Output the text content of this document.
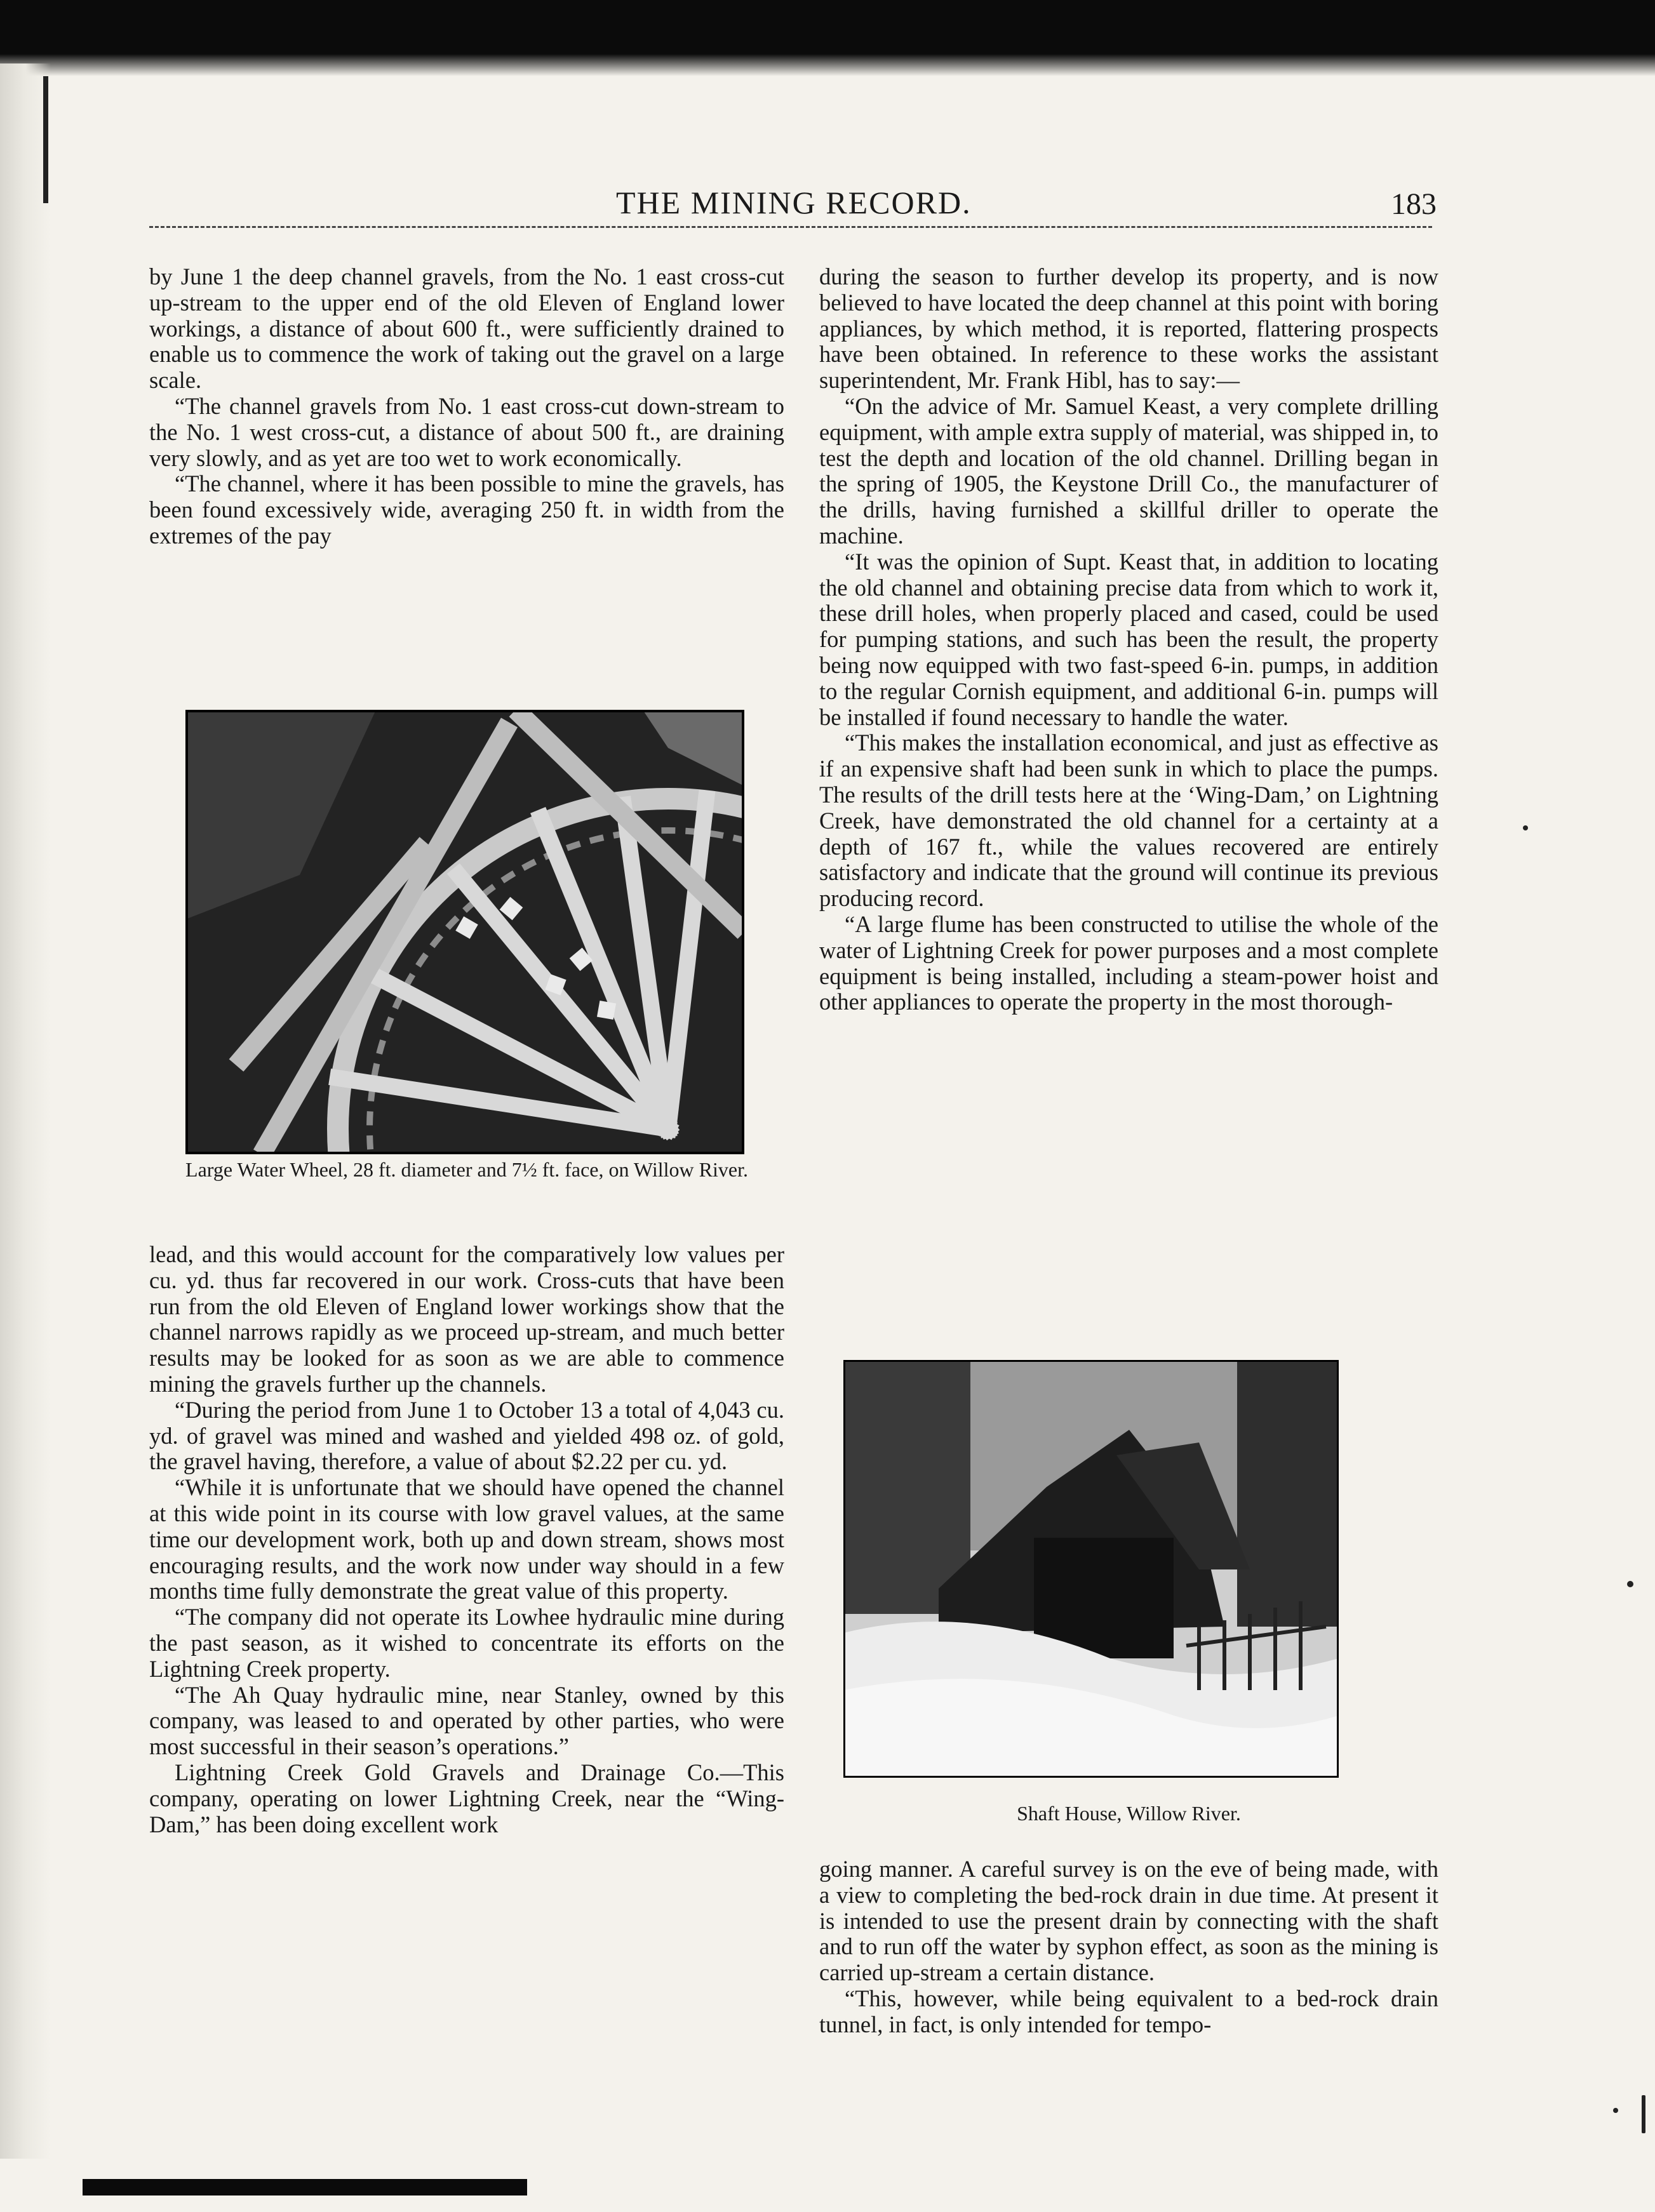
THE MINING RECORD.	183

by June 1 the deep channel gravels, from the No. 1 east cross-cut up-stream to the upper end of the old Eleven of England lower workings, a distance of about 600 ft., were sufficiently drained to enable us to commence the work of taking out the gravel on a large scale.

“The channel gravels from No. 1 east cross-cut down-stream to the No. 1 west cross-cut, a distance of about 500 ft., are draining very slowly, and as yet are too wet to work economically.

“The channel, where it has been possible to mine the gravels, has been found excessively wide, averaging 250 ft. in width from the extremes of the pay

Large Water Wheel, 28 ft. diameter and 7½ ft. face, on Willow River.

lead, and this would account for the comparatively low values per cu. yd. thus far recovered in our work. Cross-cuts that have been run from the old Eleven of England lower workings show that the channel narrows rapidly as we proceed up-stream, and much better results may be looked for as soon as we are able to commence mining the gravels further up the channels.

“During the period from June 1 to October 13 a total of 4,043 cu. yd. of gravel was mined and washed and yielded 498 oz. of gold, the gravel having, therefore, a value of about $2.22 per cu. yd.

“While it is unfortunate that we should have opened the channel at this wide point in its course with low gravel values, at the same time our development work, both up and down stream, shows most encouraging results, and the work now under way should in a few months time fully demonstrate the great value of this property.

“The company did not operate its Lowhee hydraulic mine during the past season, as it wished to concentrate its efforts on the Lightning Creek property.

“The Ah Quay hydraulic mine, near Stanley, owned by this company, was leased to and operated by other parties, who were most successful in their season’s operations.”

Lightning Creek Gold Gravels and Drainage Co.—This company, operating on lower Lightning Creek, near the “Wing-Dam,” has been doing excellent work

during the season to further develop its property, and is now believed to have located the deep channel at this point with boring appliances, by which method, it is reported, flattering prospects have been obtained. In reference to these works the assistant superintendent, Mr. Frank Hibl, has to say:—

“On the advice of Mr. Samuel Keast, a very complete drilling equipment, with ample extra supply of material, was shipped in, to test the depth and location of the old channel. Drilling began in the spring of 1905, the Keystone Drill Co., the manufacturer of the drills, having furnished a skillful driller to operate the machine.

“It was the opinion of Supt. Keast that, in addition to locating the old channel and obtaining precise data from which to work it, these drill holes, when properly placed and cased, could be used for pumping stations, and such has been the result, the property being now equipped with two fast-speed 6-in. pumps, in addition to the regular Cornish equipment, and additional 6-in. pumps will be installed if found necessary to handle the water.

“This makes the installation economical, and just as effective as if an expensive shaft had been sunk in which to place the pumps. The results of the drill tests here at the ‘Wing-Dam,’ on Lightning Creek, have demonstrated the old channel for a certainty at a depth of 167 ft., while the values recovered are entirely satisfactory and indicate that the ground will continue its previous producing record.

“A large flume has been constructed to utilise the whole of the water of Lightning Creek for power purposes and a most complete equipment is being installed, including a steam-power hoist and other appliances to operate the property in the most thorough-

Shaft House, Willow River.

going manner. A careful survey is on the eve of being made, with a view to completing the bed-rock drain in due time. At present it is intended to use the present drain by connecting with the shaft and to run off the water by syphon effect, as soon as the mining is carried up-stream a certain distance.

“This, however, while being equivalent to a bed-rock drain tunnel, in fact, is only intended for tempo-
